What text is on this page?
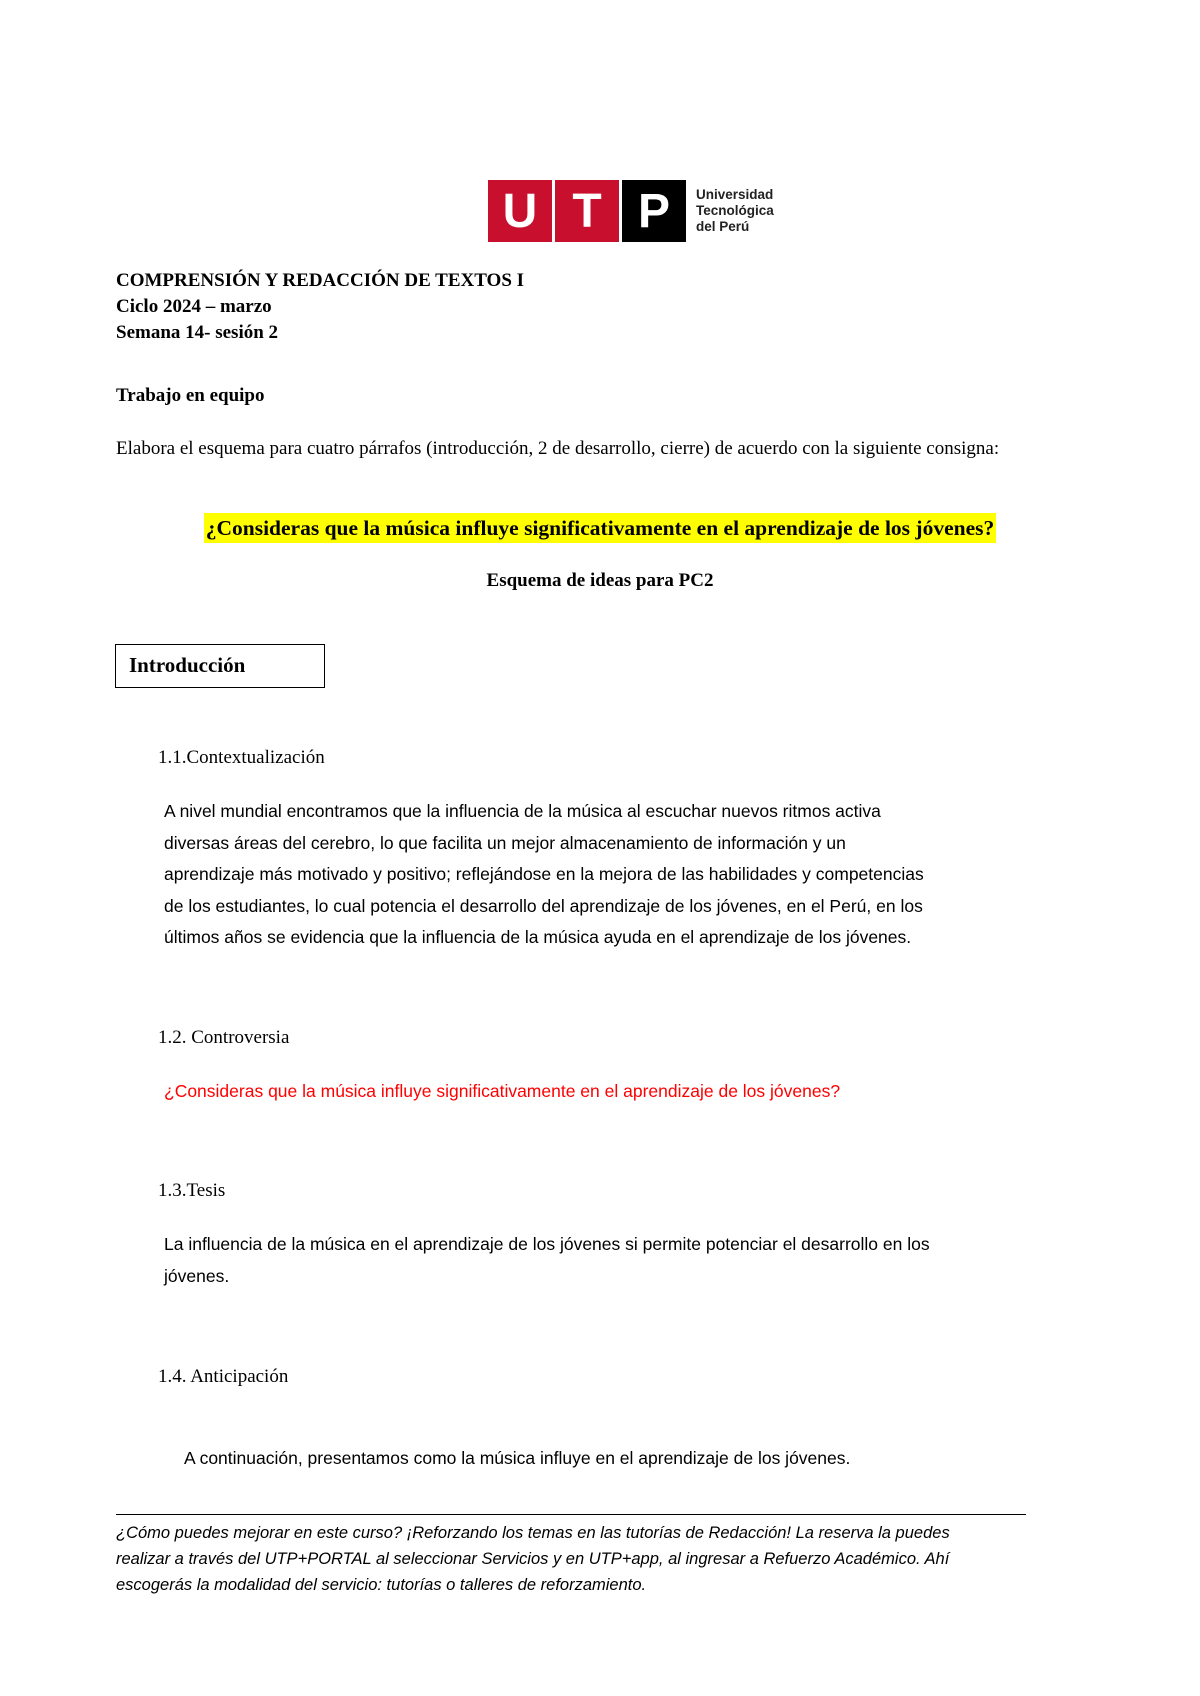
U T P	Universidad
Tecnológica
del Perú
COMPRENSIÓN Y REDACCIÓN DE TEXTOS I
Ciclo 2024 – marzo
Semana 14- sesión 2
Trabajo en equipo
Elabora el esquema para cuatro párrafos (introducción, 2 de desarrollo, cierre) de acuerdo con la siguiente consigna:
¿Consideras que la música influye significativamente en el aprendizaje de los jóvenes?
Esquema de ideas para PC2
Introducción
1.1.Contextualización
A nivel mundial encontramos que la influencia de la música al escuchar nuevos ritmos activa
diversas áreas del cerebro, lo que facilita un mejor almacenamiento de información y un
aprendizaje más motivado y positivo; reflejándose en la mejora de las habilidades y competencias
de los estudiantes, lo cual potencia el desarrollo del aprendizaje de los jóvenes, en el Perú, en los
últimos años se evidencia que la influencia de la música ayuda en el aprendizaje de los jóvenes.
1.2. Controversia
¿Consideras que la música influye significativamente en el aprendizaje de los jóvenes?
1.3.Tesis
La influencia de la música en el aprendizaje de los jóvenes si permite potenciar el desarrollo en los
jóvenes.
1.4. Anticipación
A continuación, presentamos como la música influye en el aprendizaje de los jóvenes.
¿Cómo puedes mejorar en este curso? ¡Reforzando los temas en las tutorías de Redacción! La reserva la puedes
realizar a través del UTP+PORTAL al seleccionar Servicios y en UTP+app, al ingresar a Refuerzo Académico. Ahí
escogerás la modalidad del servicio: tutorías o talleres de reforzamiento.
